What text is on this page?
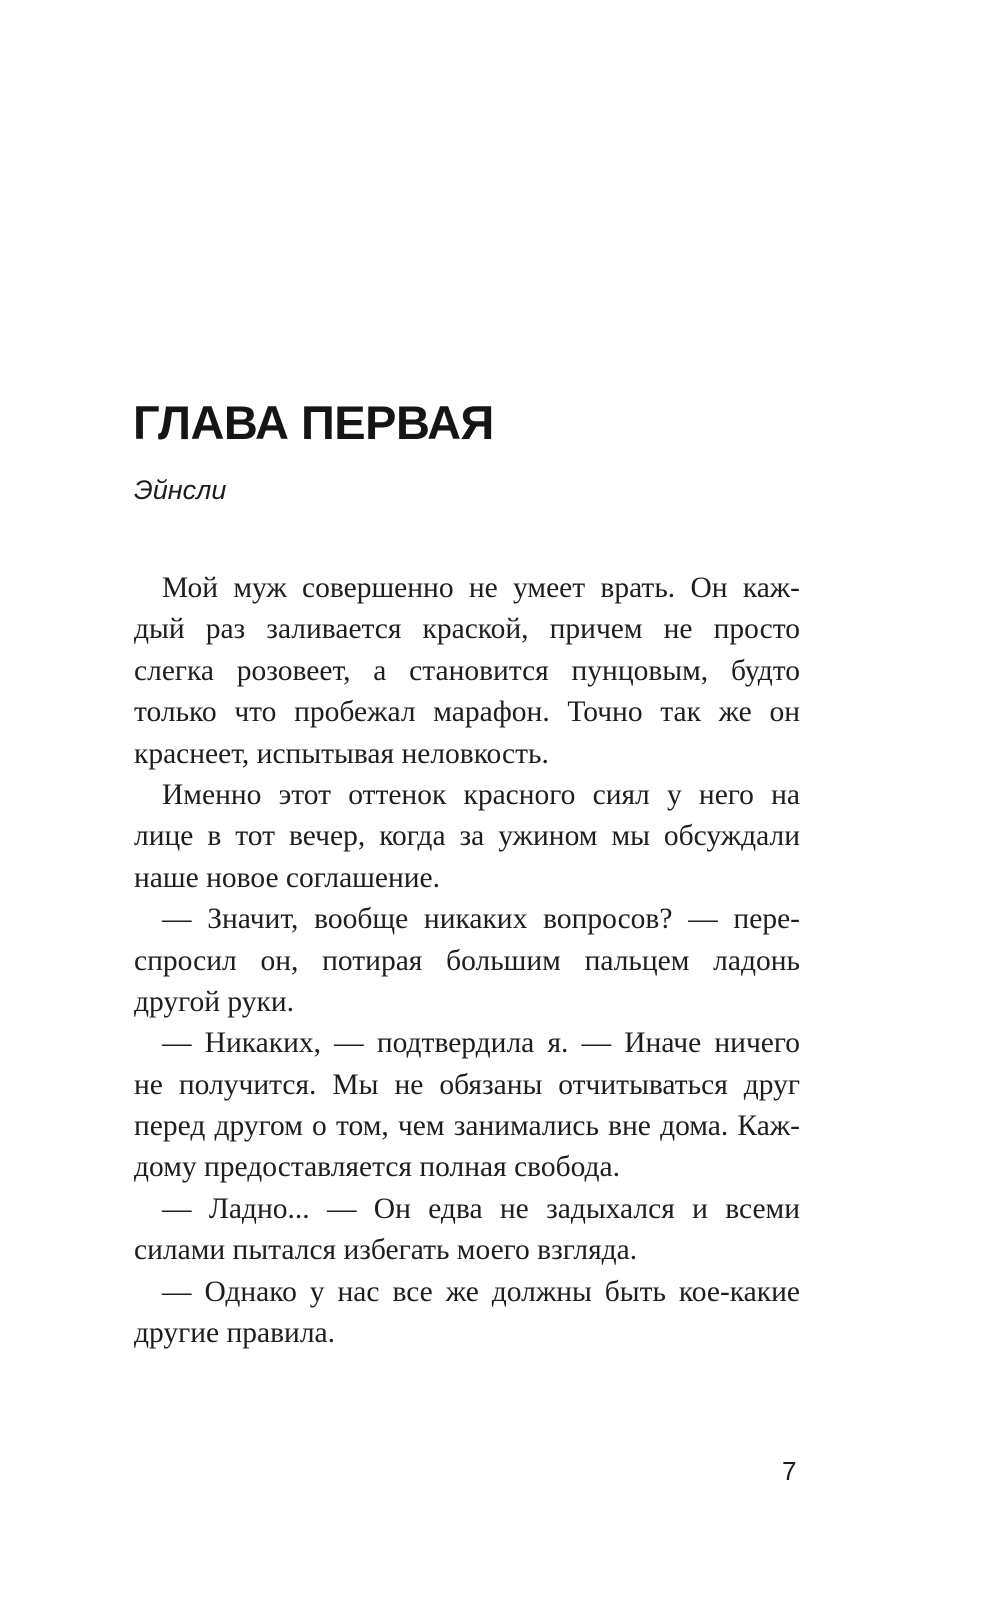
ГЛАВА ПЕРВАЯ

Эйнсли

Мой муж совершенно не умеет врать. Он каж-
дый раз заливается краской, причем не просто
слегка розовеет, а становится пунцовым, будто
только что пробежал марафон. Точно так же он
краснеет, испытывая неловкость.
Именно этот оттенок красного сиял у него на
лице в тот вечер, когда за ужином мы обсуждали
наше новое соглашение.
— Значит, вообще никаких вопросов? — пере-
спросил он, потирая большим пальцем ладонь
другой руки.
— Никаких, — подтвердила я. — Иначе ничего
не получится. Мы не обязаны отчитываться друг
перед другом о том, чем занимались вне дома. Каж-
дому предоставляется полная свобода.
— Ладно... — Он едва не задыхался и всеми
силами пытался избегать моего взгляда.
— Однако у нас все же должны быть кое-какие
другие правила.
7
